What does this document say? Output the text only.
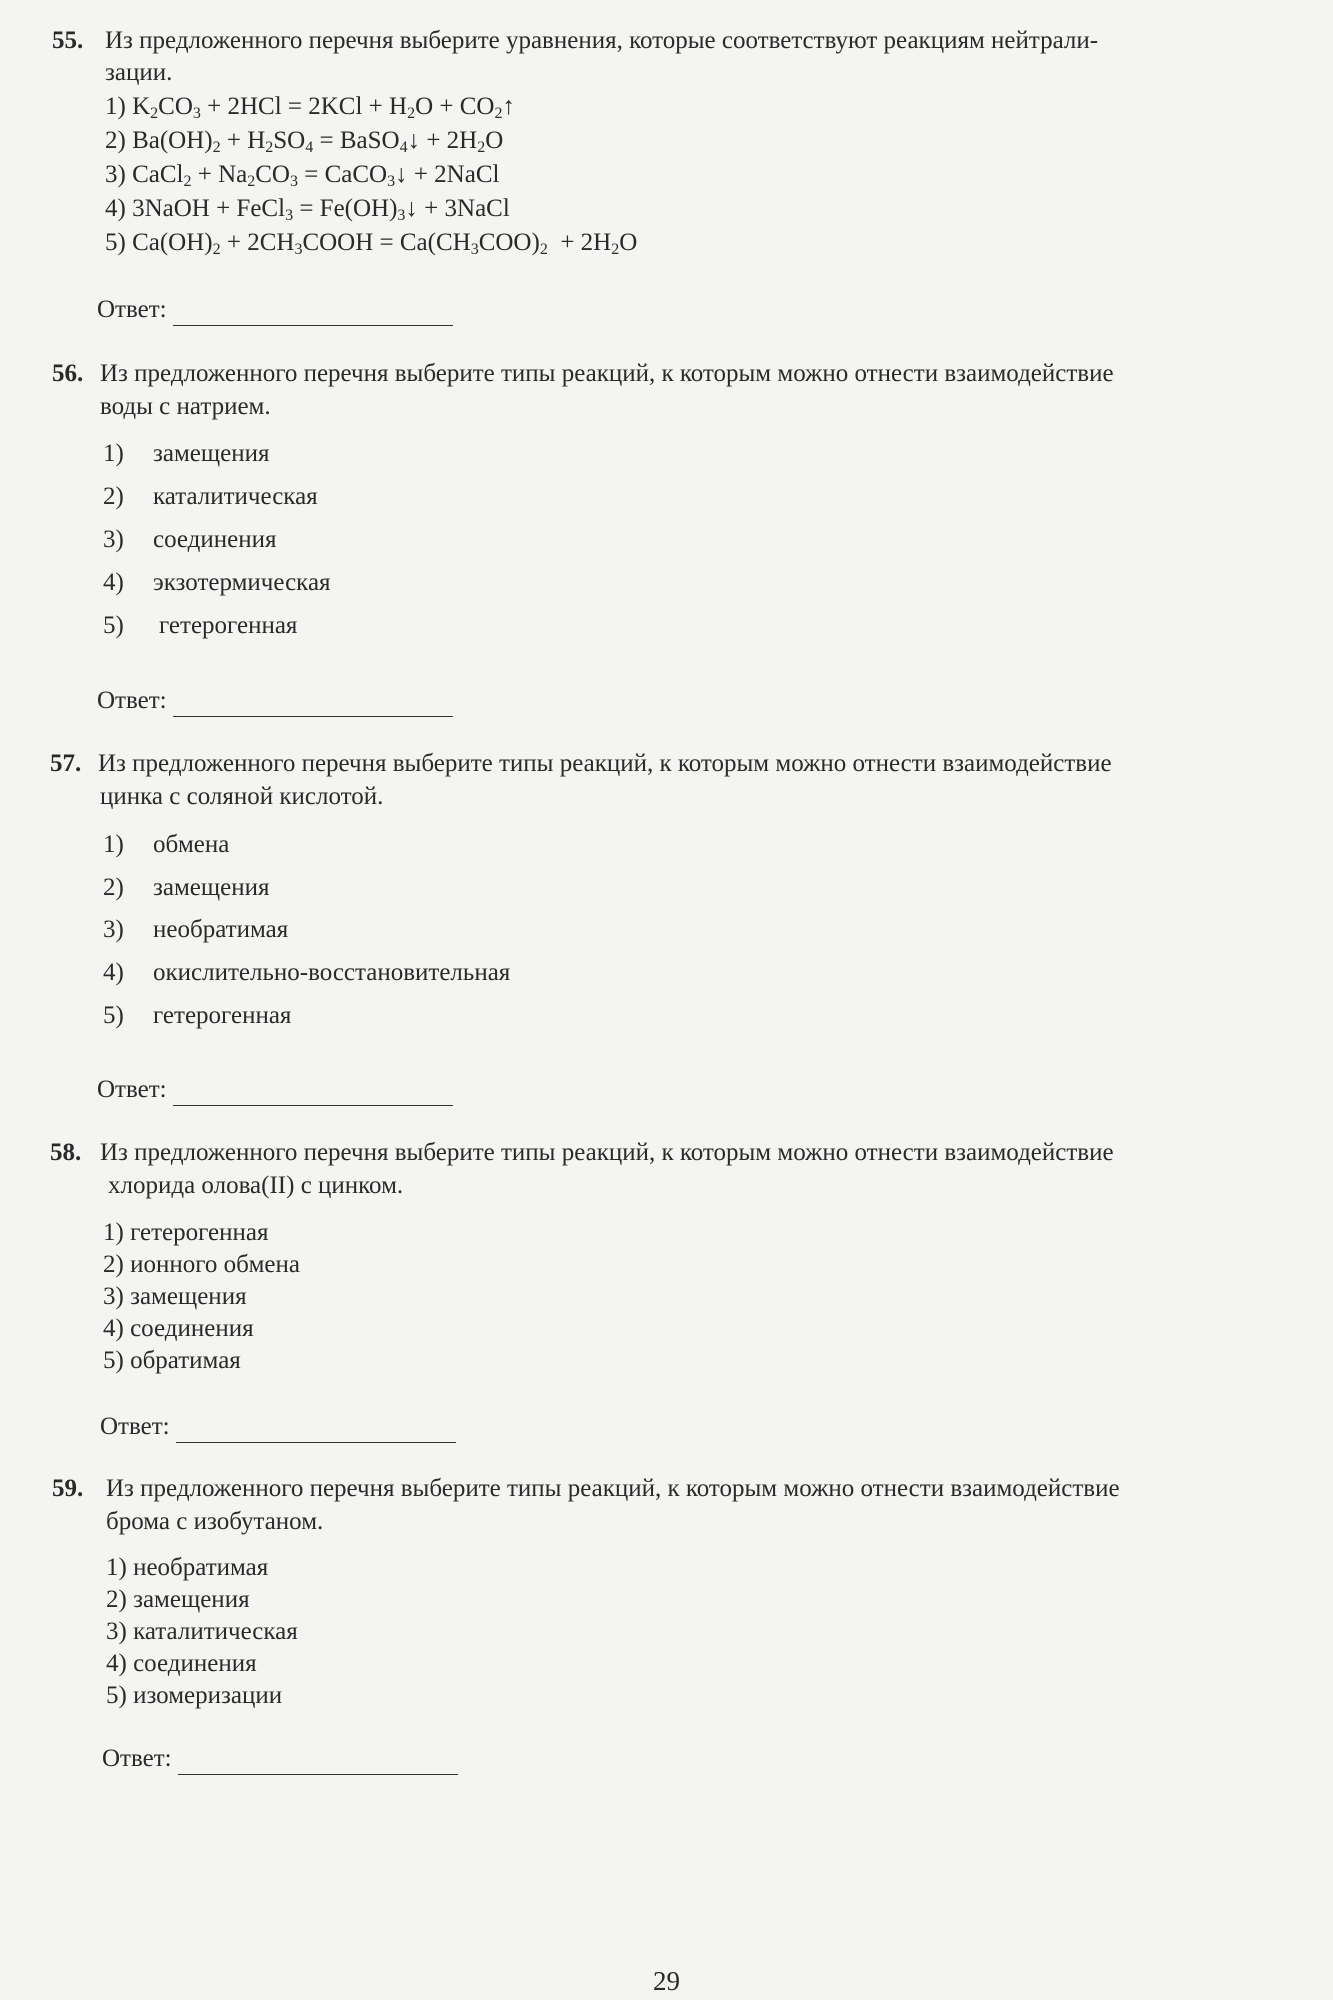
55. Из предложенного перечня выберите уравнения, которые соответствуют реакциям нейтрали-
зации.
1) $K_2CO_3 + 2HCl = 2KCl + H_2O$ + $CO_2↑$
2) $Ba(OH)_2 + H_2SO_4$ = BaSO$_4$↓ + $2H_2O$
3) CaCl$_2$ + $Na_2CO_3$ = CaCO$_3$↓ + 2NaCl
4) 3NaOH + FeCl$_3$ = $Fe(OH)_3↓$ + 3NaCl
5) $Ca(OH)_2$ + $2CH_3COOH = Ca(CH_3COO)_2 + 2H_2O$
Ответ:
56. Из предложенного перечня выберите типы реакций, к которым можно отнести взаимодействие
воды с натрием.
1) замещения
2) каталитическая
3) соединения
4) экзотермическая
5) гетерогенная
Ответ:
57. Из предложенного перечня выберите типы реакций, к которым можно отнести взаимодействие
цинка с соляной кислотой.
1) обмена
2) замещения
3) необратимая
4) окислительно-восстановительная
5) гетерогенная
Ответ:
58. Из предложенного перечня выберите типы реакций, к которым можно отнести взаимодействие
хлорида олова(II) с цинком.
1) гетерогенная
2) ионного обмена
3) замещения
4) соединения
5) обратимая
Ответ:
59. Из предложенного перечня выберите типы реакций, к которым можно отнести взаимодействие
брома с изобутаном.
1) необратимая
2) замещения
3) каталитическая
4) соединения
5) изомеризации
Ответ:
29
